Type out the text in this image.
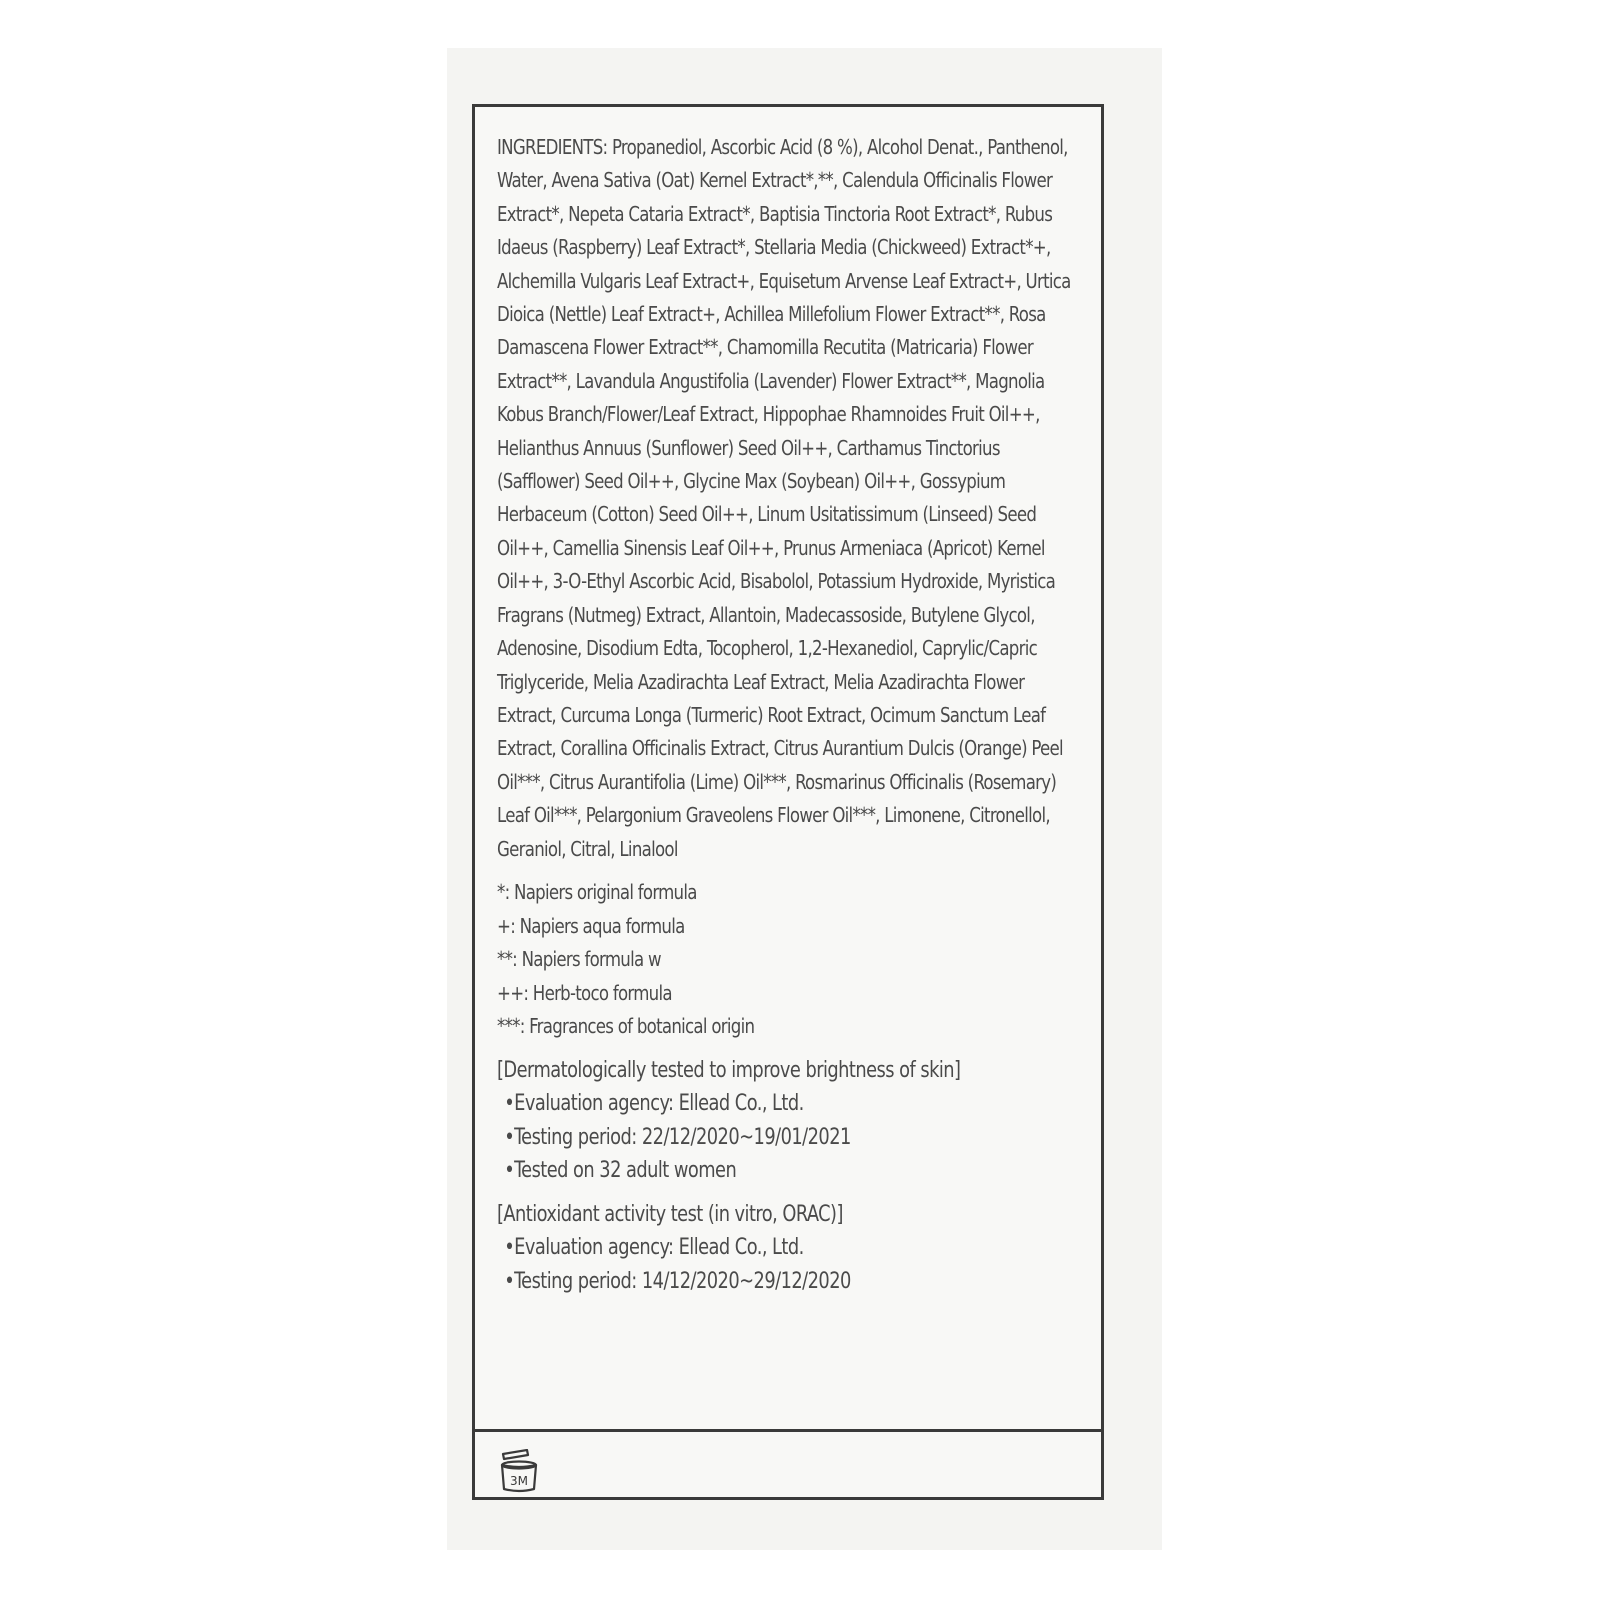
INGREDIENTS: Propanediol, Ascorbic Acid (8 %), Alcohol Denat., Panthenol, Water, Avena Sativa (Oat) Kernel Extract*,**, Calendula Officinalis Flower Extract*, Nepeta Cataria Extract*, Baptisia Tinctoria Root Extract*, Rubus Idaeus (Raspberry) Leaf Extract*, Stellaria Media (Chickweed) Extract*+, Alchemilla Vulgaris Leaf Extract+, Equisetum Arvense Leaf Extract+, Urtica Dioica (Nettle) Leaf Extract+, Achillea Millefolium Flower Extract**, Rosa Damascena Flower Extract**, Chamomilla Recutita (Matricaria) Flower Extract**, Lavandula Angustifolia (Lavender) Flower Extract**, Magnolia Kobus Branch/Flower/Leaf Extract, Hippophae Rhamnoides Fruit Oil++, Helianthus Annuus (Sunflower) Seed Oil++, Carthamus Tinctorius (Safflower) Seed Oil++, Glycine Max (Soybean) Oil++, Gossypium Herbaceum (Cotton) Seed Oil++, Linum Usitatissimum (Linseed) Seed Oil++, Camellia Sinensis Leaf Oil++, Prunus Armeniaca (Apricot) Kernel Oil++, 3-O-Ethyl Ascorbic Acid, Bisabolol, Potassium Hydroxide, Myristica Fragrans (Nutmeg) Extract, Allantoin, Madecassoside, Butylene Glycol, Adenosine, Disodium Edta, Tocopherol, 1,2-Hexanediol, Caprylic/Capric Triglyceride, Melia Azadirachta Leaf Extract, Melia Azadirachta Flower Extract, Curcuma Longa (Turmeric) Root Extract, Ocimum Sanctum Leaf Extract, Corallina Officinalis Extract, Citrus Aurantium Dulcis (Orange) Peel Oil***, Citrus Aurantifolia (Lime) Oil***, Rosmarinus Officinalis (Rosemary) Leaf Oil***, Pelargonium Graveolens Flower Oil***, Limonene, Citronellol, Geraniol, Citral, Linalool

*: Napiers original formula
+: Napiers aqua formula
**: Napiers formula w
++: Herb-toco formula
***: Fragrances of botanical origin
[Dermatologically tested to improve brightness of skin]
•Evaluation agency: Ellead Co., Ltd.
•Testing period: 22/12/2020~19/01/2021
•Tested on 32 adult women
[Antioxidant activity test (in vitro, ORAC)]
•Evaluation agency: Ellead Co., Ltd.
•Testing period: 14/12/2020~29/12/2020
3M
